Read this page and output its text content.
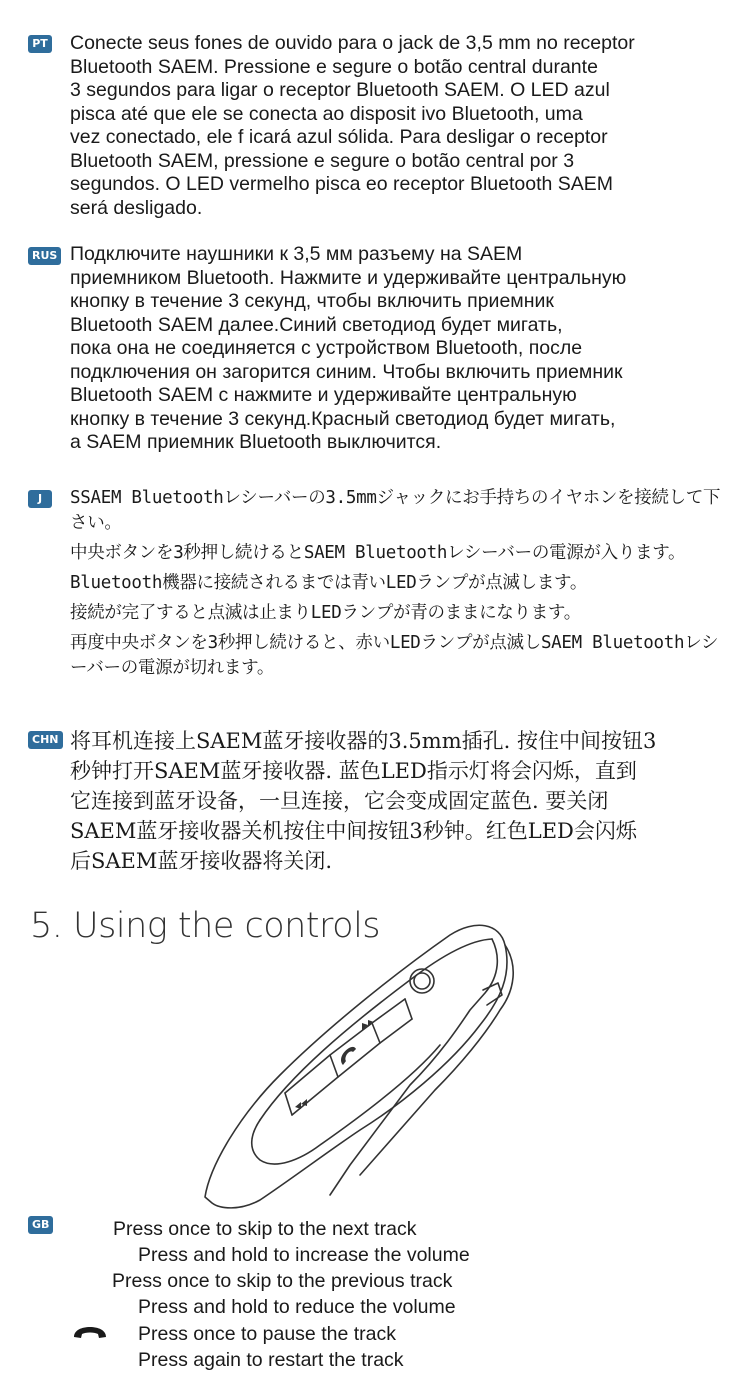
PT Conecte seus fones de ouvido para o jack de 3,5 mm no receptor

Bluetooth SAEM. Pressione e segure o botão central durante

3 segundos para ligar o receptor Bluetooth SAEM. O LED azul

pisca até que ele se conecta ao disposit ivo Bluetooth, uma

vez conectado, ele f icará azul sólida. Para desligar o receptor

Bluetooth SAEM, pressione e segure o botão central por 3

segundos. O LED vermelho pisca eo receptor Bluetooth SAEM

será desligado.

RUS Подключите наушники к 3,5 мм разъему на SAEM

приемником Bluetooth. Нажмите и удерживайте центральную

кнопку в течение 3 секунд, чтобы включить приемник

Bluetooth SAEM далее.Синий светодиод будет мигать,

пока она не соединяется с устройством Bluetooth, после

подключения он загорится синим. Чтобы включить приемник

Bluetooth SAEM с нажмите и удерживайте центральную

кнопку в течение 3 секунд.Красный светодиод будет мигать,

а SAEM приемник Bluetooth выключится.

J	SSAEM Bluetoothレシーバーの3.5mmジャックにお手持ちのイヤホンを接続して下さい。

中央ボタンを3秒押し続けるとSAEM Bluetoothレシーバーの電源が入ります。

Bluetooth機器に接続されるまでは青いLEDランプが点滅します。

接続が完了すると点滅は止まりLEDランプが青のままになります。

再度中央ボタンを3秒押し続けると、赤いLEDランプが点滅しSAEM Bluetoothレシーバーの電源が切れます。

CHN 将耳机连接上SAEM蓝牙接收器的3.5mm插孔. 按住中间按钮3

秒钟打开SAEM蓝牙接收器. 蓝色LED指示灯将会闪烁，直到

它连接到蓝牙设备，一旦连接，它会变成固定蓝色. 要关闭

SAEM蓝牙接收器关机按住中间按钮3秒钟。红色LED会闪烁

后SAEM蓝牙接收器将关闭.

5. Using the controls
GB	Press once to skip to the next track
Press and hold to increase the volume
Press once to skip to the previous track
Press and hold to reduce the volume
Press once to pause the track
Press again to restart the track
